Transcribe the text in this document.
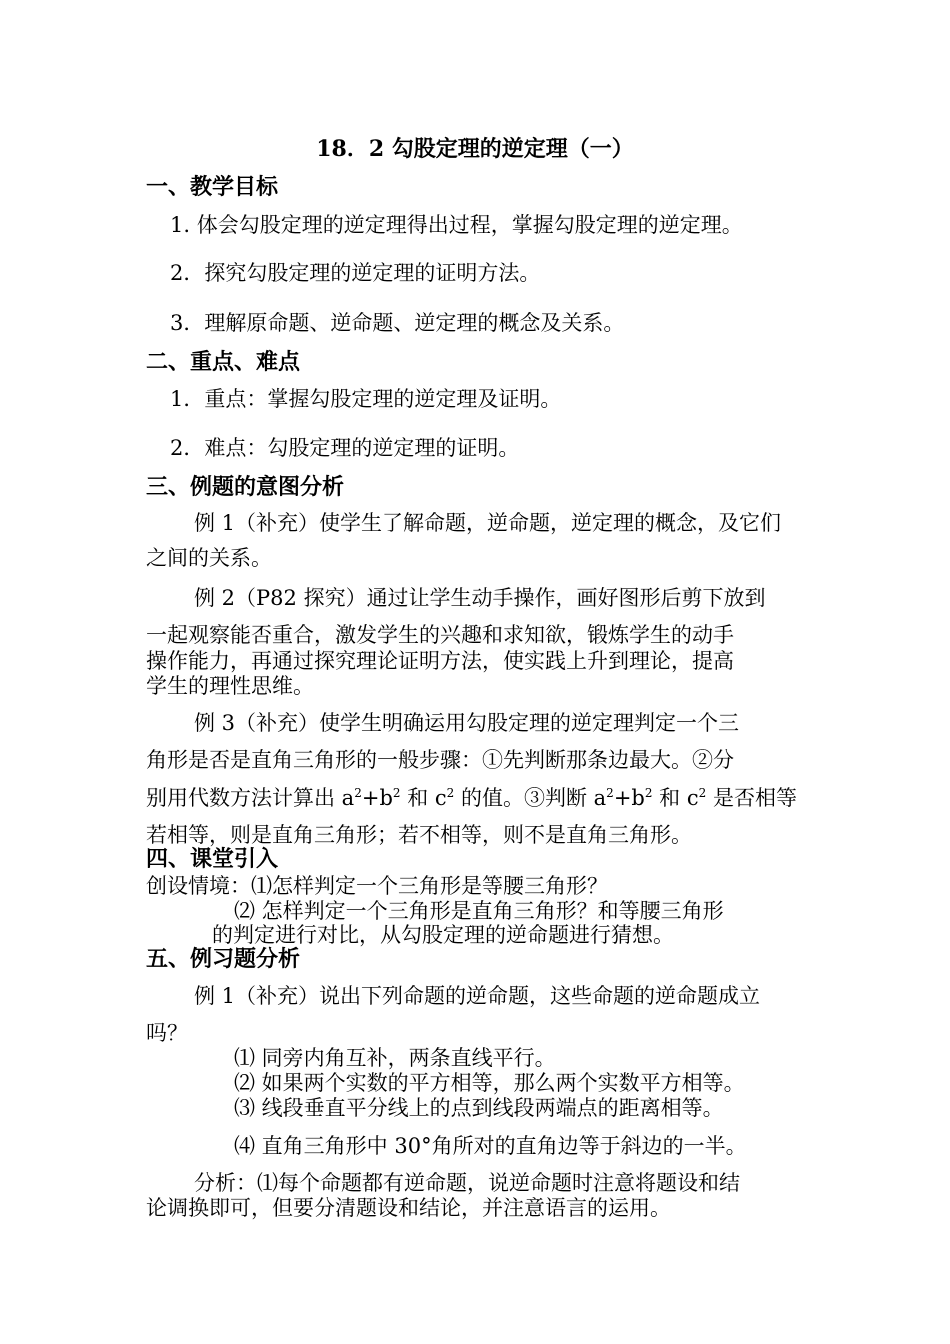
18．2 勾股定理的逆定理（一）
一、教学目标
1. 体会勾股定理的逆定理得出过程，掌握勾股定理的逆定理。
2．探究勾股定理的逆定理的证明方法。
3．理解原命题、逆命题、逆定理的概念及关系。
二、重点、难点
1．重点：掌握勾股定理的逆定理及证明。
2．难点：勾股定理的逆定理的证明。
三、例题的意图分析
例 1（补充）使学生了解命题，逆命题，逆定理的概念，及它们
之间的关系。
例 2（P82 探究）通过让学生动手操作，画好图形后剪下放到
一起观察能否重合，激发学生的兴趣和求知欲，锻炼学生的动手
操作能力，再通过探究理论证明方法，使实践上升到理论，提高
学生的理性思维。
例 3（补充）使学生明确运用勾股定理的逆定理判定一个三
角形是否是直角三角形的一般步骤：①先判断那条边最大。②分
别用代数方法计算出 $a^2+b^2$ 和 $c^2$ 的值。③判断 $a^2+b^2$ 和 $c^2$ 是否相等
若相等，则是直角三角形；若不相等，则不是直角三角形。
四、课堂引入
创设情境：⑴怎样判定一个三角形是等腰三角形？
⑵ 怎样判定一个三角形是直角三角形？和等腰三角形
的判定进行对比，从勾股定理的逆命题进行猜想。
五、例习题分析
例 1（补充）说出下列命题的逆命题，这些命题的逆命题成立
吗？
⑴ 同旁内角互补，两条直线平行。
⑵ 如果两个实数的平方相等，那么两个实数平方相等。
⑶ 线段垂直平分线上的点到线段两端点的距离相等。
⑷ 直角三角形中 30°角所对的直角边等于斜边的一半。
分析：⑴每个命题都有逆命题，说逆命题时注意将题设和结
论调换即可，但要分清题设和结论，并注意语言的运用。
